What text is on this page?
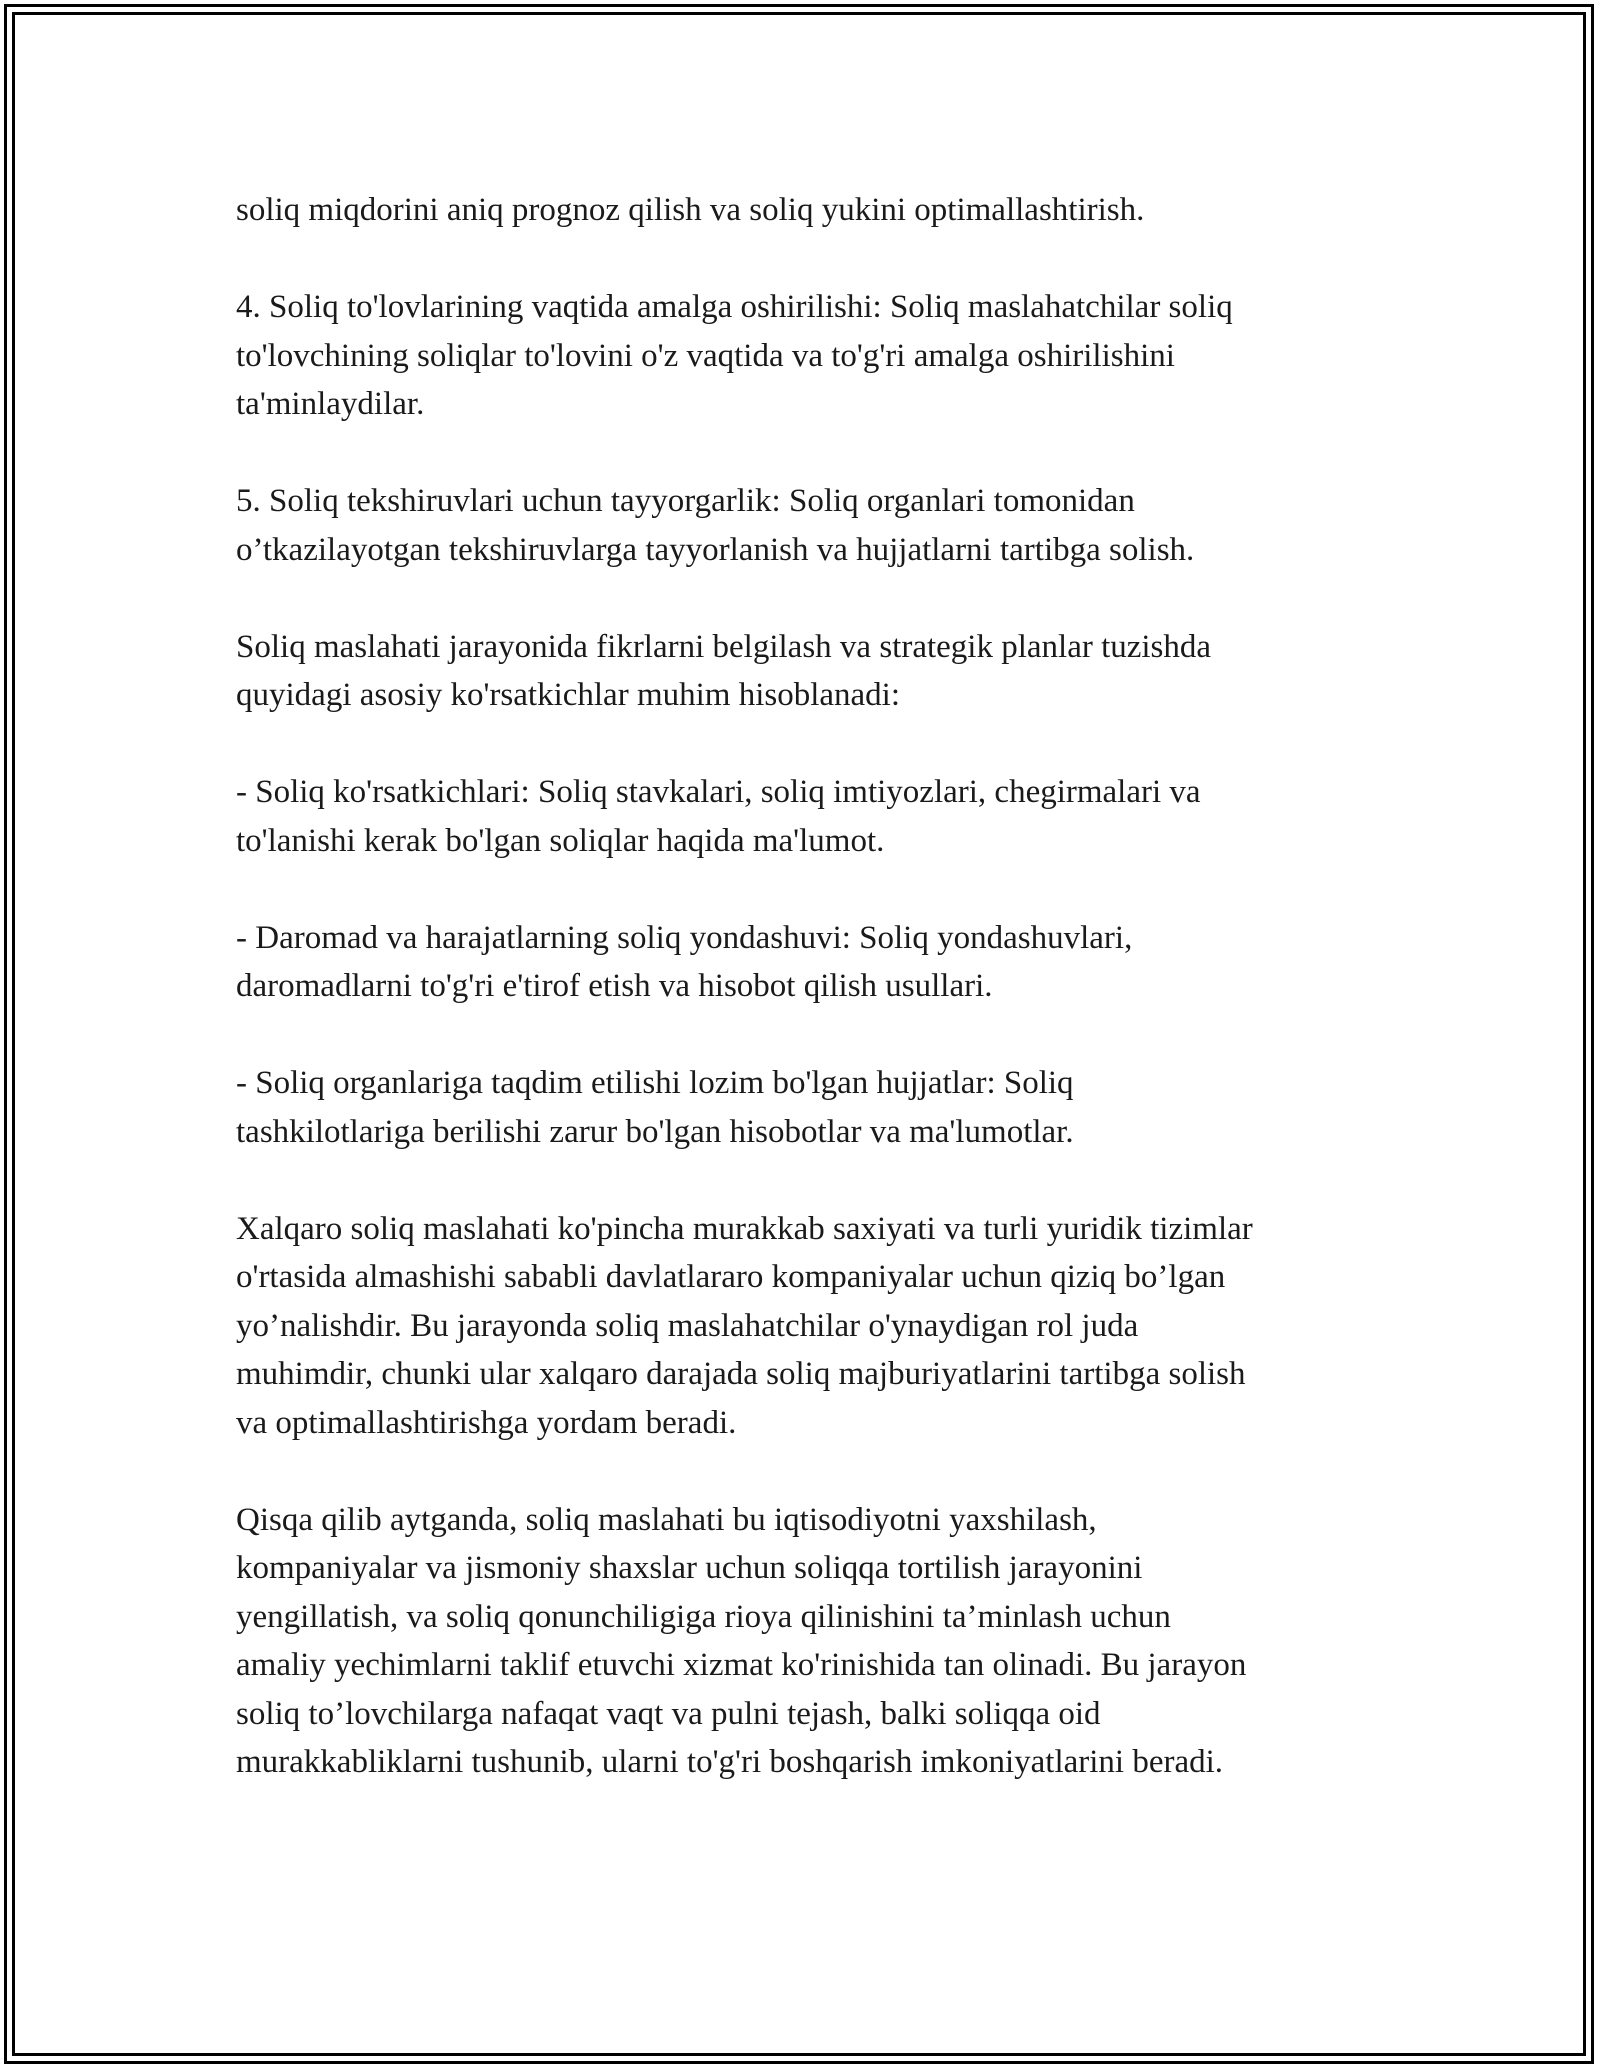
soliq miqdorini aniq prognoz qilish va soliq yukini optimallashtirish.

4. Soliq to'lovlarining vaqtida amalga oshirilishi: Soliq maslahatchilar soliq
to'lovchining soliqlar to'lovini o'z vaqtida va to'g'ri amalga oshirilishini
ta'minlaydilar.

5. Soliq tekshiruvlari uchun tayyorgarlik: Soliq organlari tomonidan
o’tkazilayotgan tekshiruvlarga tayyorlanish va hujjatlarni tartibga solish.

Soliq maslahati jarayonida fikrlarni belgilash va strategik planlar tuzishda
quyidagi asosiy ko'rsatkichlar muhim hisoblanadi:

- Soliq ko'rsatkichlari: Soliq stavkalari, soliq imtiyozlari, chegirmalari va
to'lanishi kerak bo'lgan soliqlar haqida ma'lumot.

- Daromad va harajatlarning soliq yondashuvi: Soliq yondashuvlari,
daromadlarni to'g'ri e'tirof etish va hisobot qilish usullari.

- Soliq organlariga taqdim etilishi lozim bo'lgan hujjatlar: Soliq
tashkilotlariga berilishi zarur bo'lgan hisobotlar va ma'lumotlar.

Xalqaro soliq maslahati ko'pincha murakkab saxiyati va turli yuridik tizimlar
o'rtasida almashishi sababli davlatlararo kompaniyalar uchun qiziq bo’lgan
yo’nalishdir. Bu jarayonda soliq maslahatchilar o'ynaydigan rol juda
muhimdir, chunki ular xalqaro darajada soliq majburiyatlarini tartibga solish
va optimallashtirishga yordam beradi.

Qisqa qilib aytganda, soliq maslahati bu iqtisodiyotni yaxshilash,
kompaniyalar va jismoniy shaxslar uchun soliqqa tortilish jarayonini
yengillatish, va soliq qonunchiligiga rioya qilinishini ta’minlash uchun
amaliy yechimlarni taklif etuvchi xizmat ko'rinishida tan olinadi. Bu jarayon
soliq to’lovchilarga nafaqat vaqt va pulni tejash, balki soliqqa oid
murakkabliklarni tushunib, ularni to'g'ri boshqarish imkoniyatlarini beradi.
